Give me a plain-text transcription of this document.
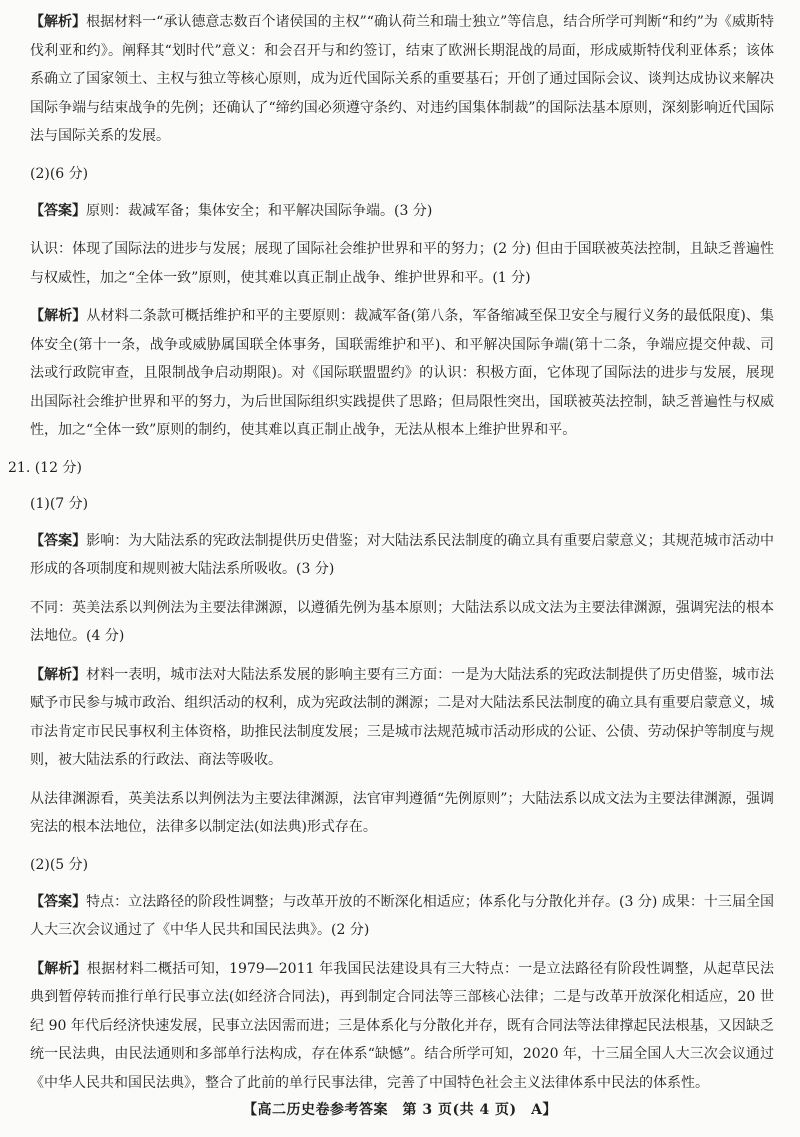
【解析】根据材料一“承认德意志数百个诸侯国的主权”“确认荷兰和瑞士独立”等信息，结合所学可判断“和约”为《威斯特伐利亚和约》。阐释其“划时代”意义：和会召开与和约签订，结束了欧洲长期混战的局面，形成威斯特伐利亚体系；该体系确立了国家领土、主权与独立等核心原则，成为近代国际关系的重要基石；开创了通过国际会议、谈判达成协议来解决国际争端与结束战争的先例；还确认了“缔约国必须遵守条约、对违约国集体制裁”的国际法基本原则，深刻影响近代国际法与国际关系的发展。

(2)(6 分)

【答案】原则：裁减军备；集体安全；和平解决国际争端。(3 分)

认识：体现了国际法的进步与发展；展现了国际社会维护世界和平的努力；(2 分) 但由于国联被英法控制，且缺乏普遍性与权威性，加之“全体一致”原则，使其难以真正制止战争、维护世界和平。(1 分)

【解析】从材料二条款可概括维护和平的主要原则：裁减军备(第八条，军备缩减至保卫安全与履行义务的最低限度)、集体安全(第十一条，战争或威胁属国联全体事务，国联需维护和平)、和平解决国际争端(第十二条，争端应提交仲裁、司法或行政院审查，且限制战争启动期限)。对《国际联盟盟约》的认识：积极方面，它体现了国际法的进步与发展，展现出国际社会维护世界和平的努力，为后世国际组织实践提供了思路；但局限性突出，国联被英法控制，缺乏普遍性与权威性，加之“全体一致”原则的制约，使其难以真正制止战争，无法从根本上维护世界和平。

21. (12 分)

(1)(7 分)

【答案】影响：为大陆法系的宪政法制提供历史借鉴；对大陆法系民法制度的确立具有重要启蒙意义；其规范城市活动中形成的各项制度和规则被大陆法系所吸收。(3 分)

不同：英美法系以判例法为主要法律渊源，以遵循先例为基本原则；大陆法系以成文法为主要法律渊源，强调宪法的根本法地位。(4 分)

【解析】材料一表明，城市法对大陆法系发展的影响主要有三方面：一是为大陆法系的宪政法制提供了历史借鉴，城市法赋予市民参与城市政治、组织活动的权利，成为宪政法制的渊源；二是对大陆法系民法制度的确立具有重要启蒙意义，城市法肯定市民民事权利主体资格，助推民法制度发展；三是城市法规范城市活动形成的公证、公债、劳动保护等制度与规则，被大陆法系的行政法、商法等吸收。

从法律渊源看，英美法系以判例法为主要法律渊源，法官审判遵循“先例原则”；大陆法系以成文法为主要法律渊源，强调宪法的根本法地位，法律多以制定法(如法典)形式存在。

(2)(5 分)

【答案】特点：立法路径的阶段性调整；与改革开放的不断深化相适应；体系化与分散化并存。(3 分) 成果：十三届全国人大三次会议通过了《中华人民共和国民法典》。(2 分)

【解析】根据材料二概括可知，1979—2011 年我国民法建设具有三大特点：一是立法路径有阶段性调整，从起草民法典到暂停转而推行单行民事立法(如经济合同法)，再到制定合同法等三部核心法律；二是与改革开放深化相适应，20 世纪 90 年代后经济快速发展，民事立法因需而进；三是体系化与分散化并存，既有合同法等法律撑起民法根基，又因缺乏统一民法典，由民法通则和多部单行法构成，存在体系“缺憾”。结合所学可知，2020 年，十三届全国人大三次会议通过《中华人民共和国民法典》，整合了此前的单行民事法律，完善了中国特色社会主义法律体系中民法的体系性。

【高二历史卷参考答案　第 3 页(共 4 页)　A】
